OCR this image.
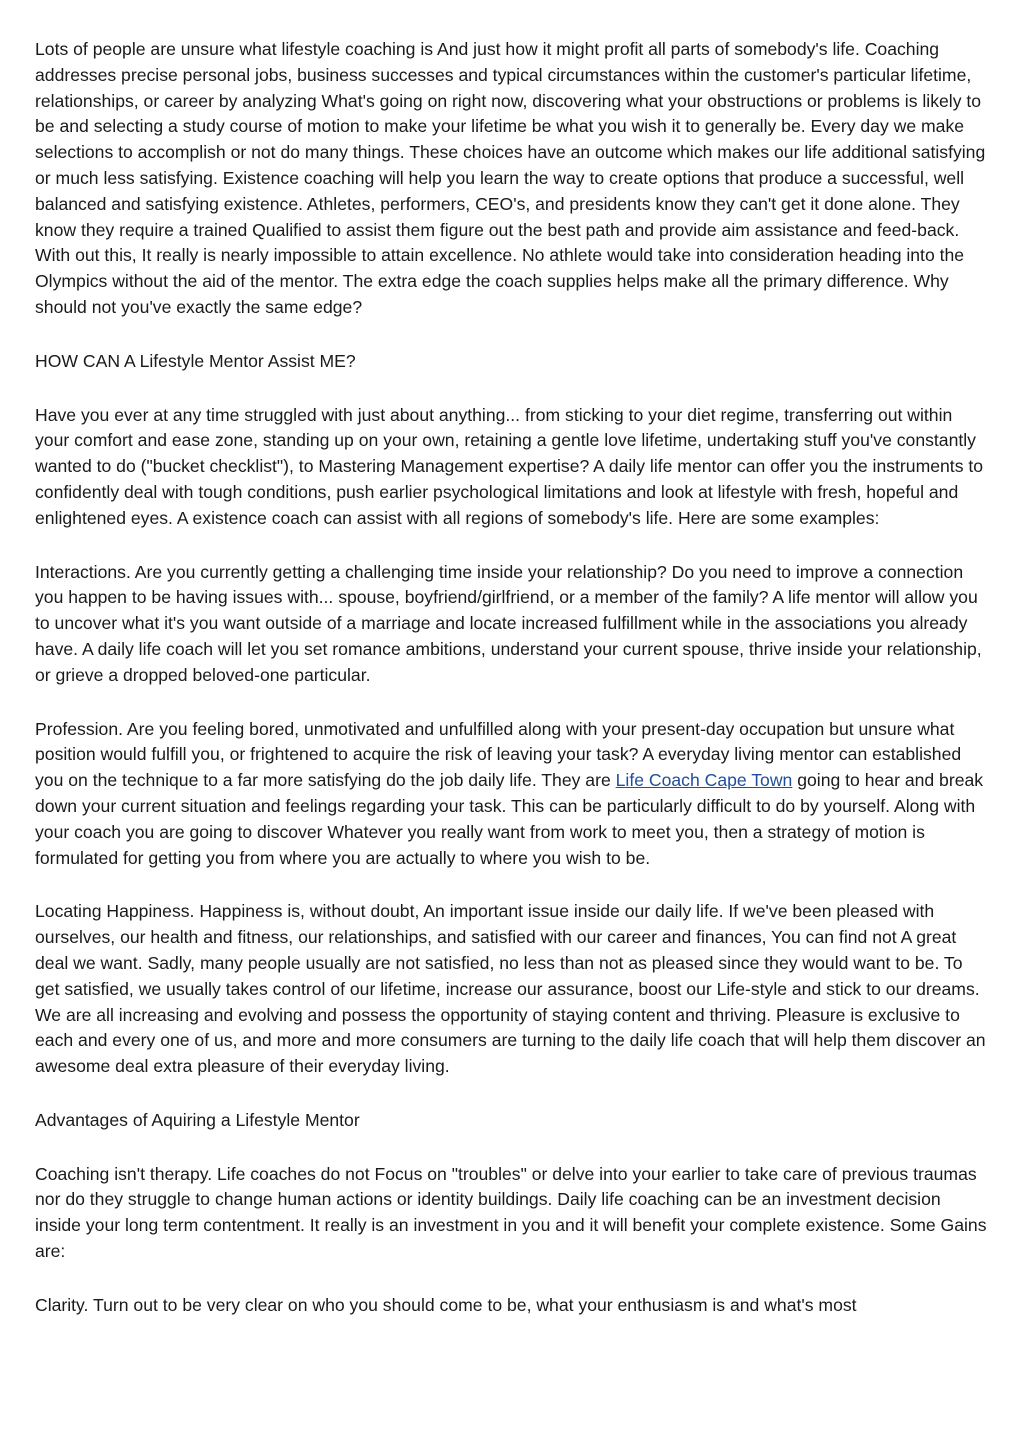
Lots of people are unsure what lifestyle coaching is And just how it might profit all parts of somebody's life. Coaching addresses precise personal jobs, business successes and typical circumstances within the customer's particular lifetime, relationships, or career by analyzing What's going on right now, discovering what your obstructions or problems is likely to be and selecting a study course of motion to make your lifetime be what you wish it to generally be. Every day we make selections to accomplish or not do many things. These choices have an outcome which makes our life additional satisfying or much less satisfying. Existence coaching will help you learn the way to create options that produce a successful, well balanced and satisfying existence. Athletes, performers, CEO's, and presidents know they can't get it done alone. They know they require a trained Qualified to assist them figure out the best path and provide aim assistance and feed-back. With out this, It really is nearly impossible to attain excellence. No athlete would take into consideration heading into the Olympics without the aid of the mentor. The extra edge the coach supplies helps make all the primary difference. Why should not you've exactly the same edge?

HOW CAN A Lifestyle Mentor Assist ME?

Have you ever at any time struggled with just about anything... from sticking to your diet regime, transferring out within your comfort and ease zone, standing up on your own, retaining a gentle love lifetime, undertaking stuff you've constantly wanted to do ("bucket checklist"), to Mastering Management expertise? A daily life mentor can offer you the instruments to confidently deal with tough conditions, push earlier psychological limitations and look at lifestyle with fresh, hopeful and enlightened eyes. A existence coach can assist with all regions of somebody's life. Here are some examples:

Interactions. Are you currently getting a challenging time inside your relationship? Do you need to improve a connection you happen to be having issues with... spouse, boyfriend/girlfriend, or a member of the family? A life mentor will allow you to uncover what it's you want outside of a marriage and locate increased fulfillment while in the associations you already have. A daily life coach will let you set romance ambitions, understand your current spouse, thrive inside your relationship, or grieve a dropped beloved-one particular.

Profession. Are you feeling bored, unmotivated and unfulfilled along with your present-day occupation but unsure what position would fulfill you, or frightened to acquire the risk of leaving your task? A everyday living mentor can established you on the technique to a far more satisfying do the job daily life. They are Life Coach Cape Town going to hear and break down your current situation and feelings regarding your task. This can be particularly difficult to do by yourself. Along with your coach you are going to discover Whatever you really want from work to meet you, then a strategy of motion is formulated for getting you from where you are actually to where you wish to be.

Locating Happiness. Happiness is, without doubt, An important issue inside our daily life. If we've been pleased with ourselves, our health and fitness, our relationships, and satisfied with our career and finances, You can find not A great deal we want. Sadly, many people usually are not satisfied, no less than not as pleased since they would want to be. To get satisfied, we usually takes control of our lifetime, increase our assurance, boost our Life-style and stick to our dreams. We are all increasing and evolving and possess the opportunity of staying content and thriving. Pleasure is exclusive to each and every one of us, and more and more consumers are turning to the daily life coach that will help them discover an awesome deal extra pleasure of their everyday living.

Advantages of Aquiring a Lifestyle Mentor

Coaching isn't therapy. Life coaches do not Focus on "troubles" or delve into your earlier to take care of previous traumas nor do they struggle to change human actions or identity buildings. Daily life coaching can be an investment decision inside your long term contentment. It really is an investment in you and it will benefit your complete existence. Some Gains are:

Clarity. Turn out to be very clear on who you should come to be, what your enthusiasm is and what's most
